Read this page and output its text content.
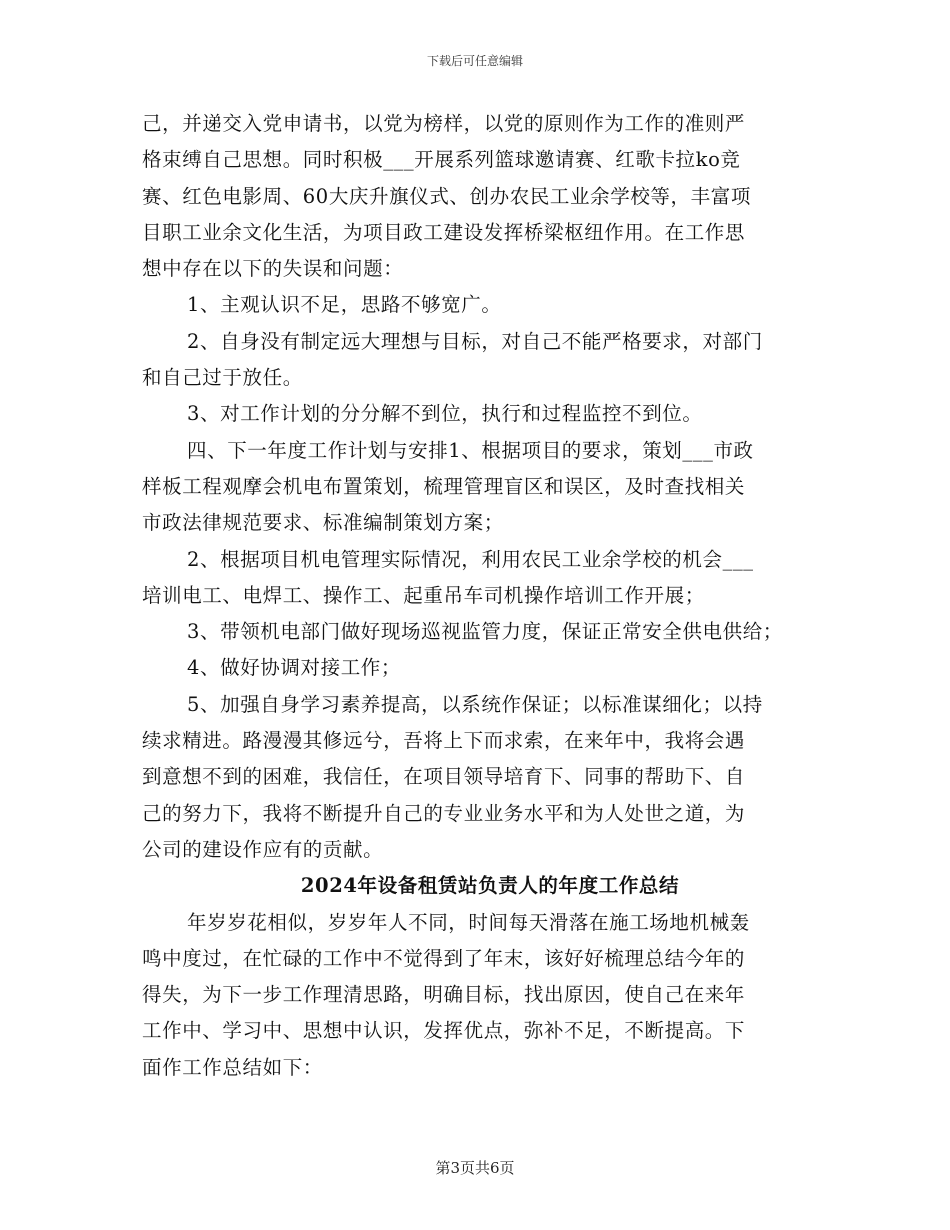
下载后可任意编辑
己，并递交入党申请书，以党为榜样，以党的原则作为工作的准则严
格束缚自己思想。同时积极___开展系列篮球邀请赛、红歌卡拉ko竞
赛、红色电影周、60大庆升旗仪式、创办农民工业余学校等，丰富项
目职工业余文化生活，为项目政工建设发挥桥梁枢纽作用。在工作思
想中存在以下的失误和问题：
1、主观认识不足，思路不够宽广。
2、自身没有制定远大理想与目标，对自己不能严格要求，对部门
和自己过于放任。
3、对工作计划的分分解不到位，执行和过程监控不到位。
四、下一年度工作计划与安排1、根据项目的要求，策划___市政
样板工程观摩会机电布置策划，梳理管理盲区和误区，及时查找相关
市政法律规范要求、标准编制策划方案；
2、根据项目机电管理实际情况，利用农民工业余学校的机会___
培训电工、电焊工、操作工、起重吊车司机操作培训工作开展；
3、带领机电部门做好现场巡视监管力度，保证正常安全供电供给；
4、做好协调对接工作；
5、加强自身学习素养提高，以系统作保证；以标准谋细化；以持
续求精进。路漫漫其修远兮，吾将上下而求索，在来年中，我将会遇
到意想不到的困难，我信任，在项目领导培育下、同事的帮助下、自
己的努力下，我将不断提升自己的专业业务水平和为人处世之道，为
公司的建设作应有的贡献。
2024年设备租赁站负责人的年度工作总结
年岁岁花相似，岁岁年人不同，时间每天滑落在施工场地机械轰
鸣中度过，在忙碌的工作中不觉得到了年末，该好好梳理总结今年的
得失，为下一步工作理清思路，明确目标，找出原因，使自己在来年
工作中、学习中、思想中认识，发挥优点，弥补不足，不断提高。下
面作工作总结如下：
第3页共6页
